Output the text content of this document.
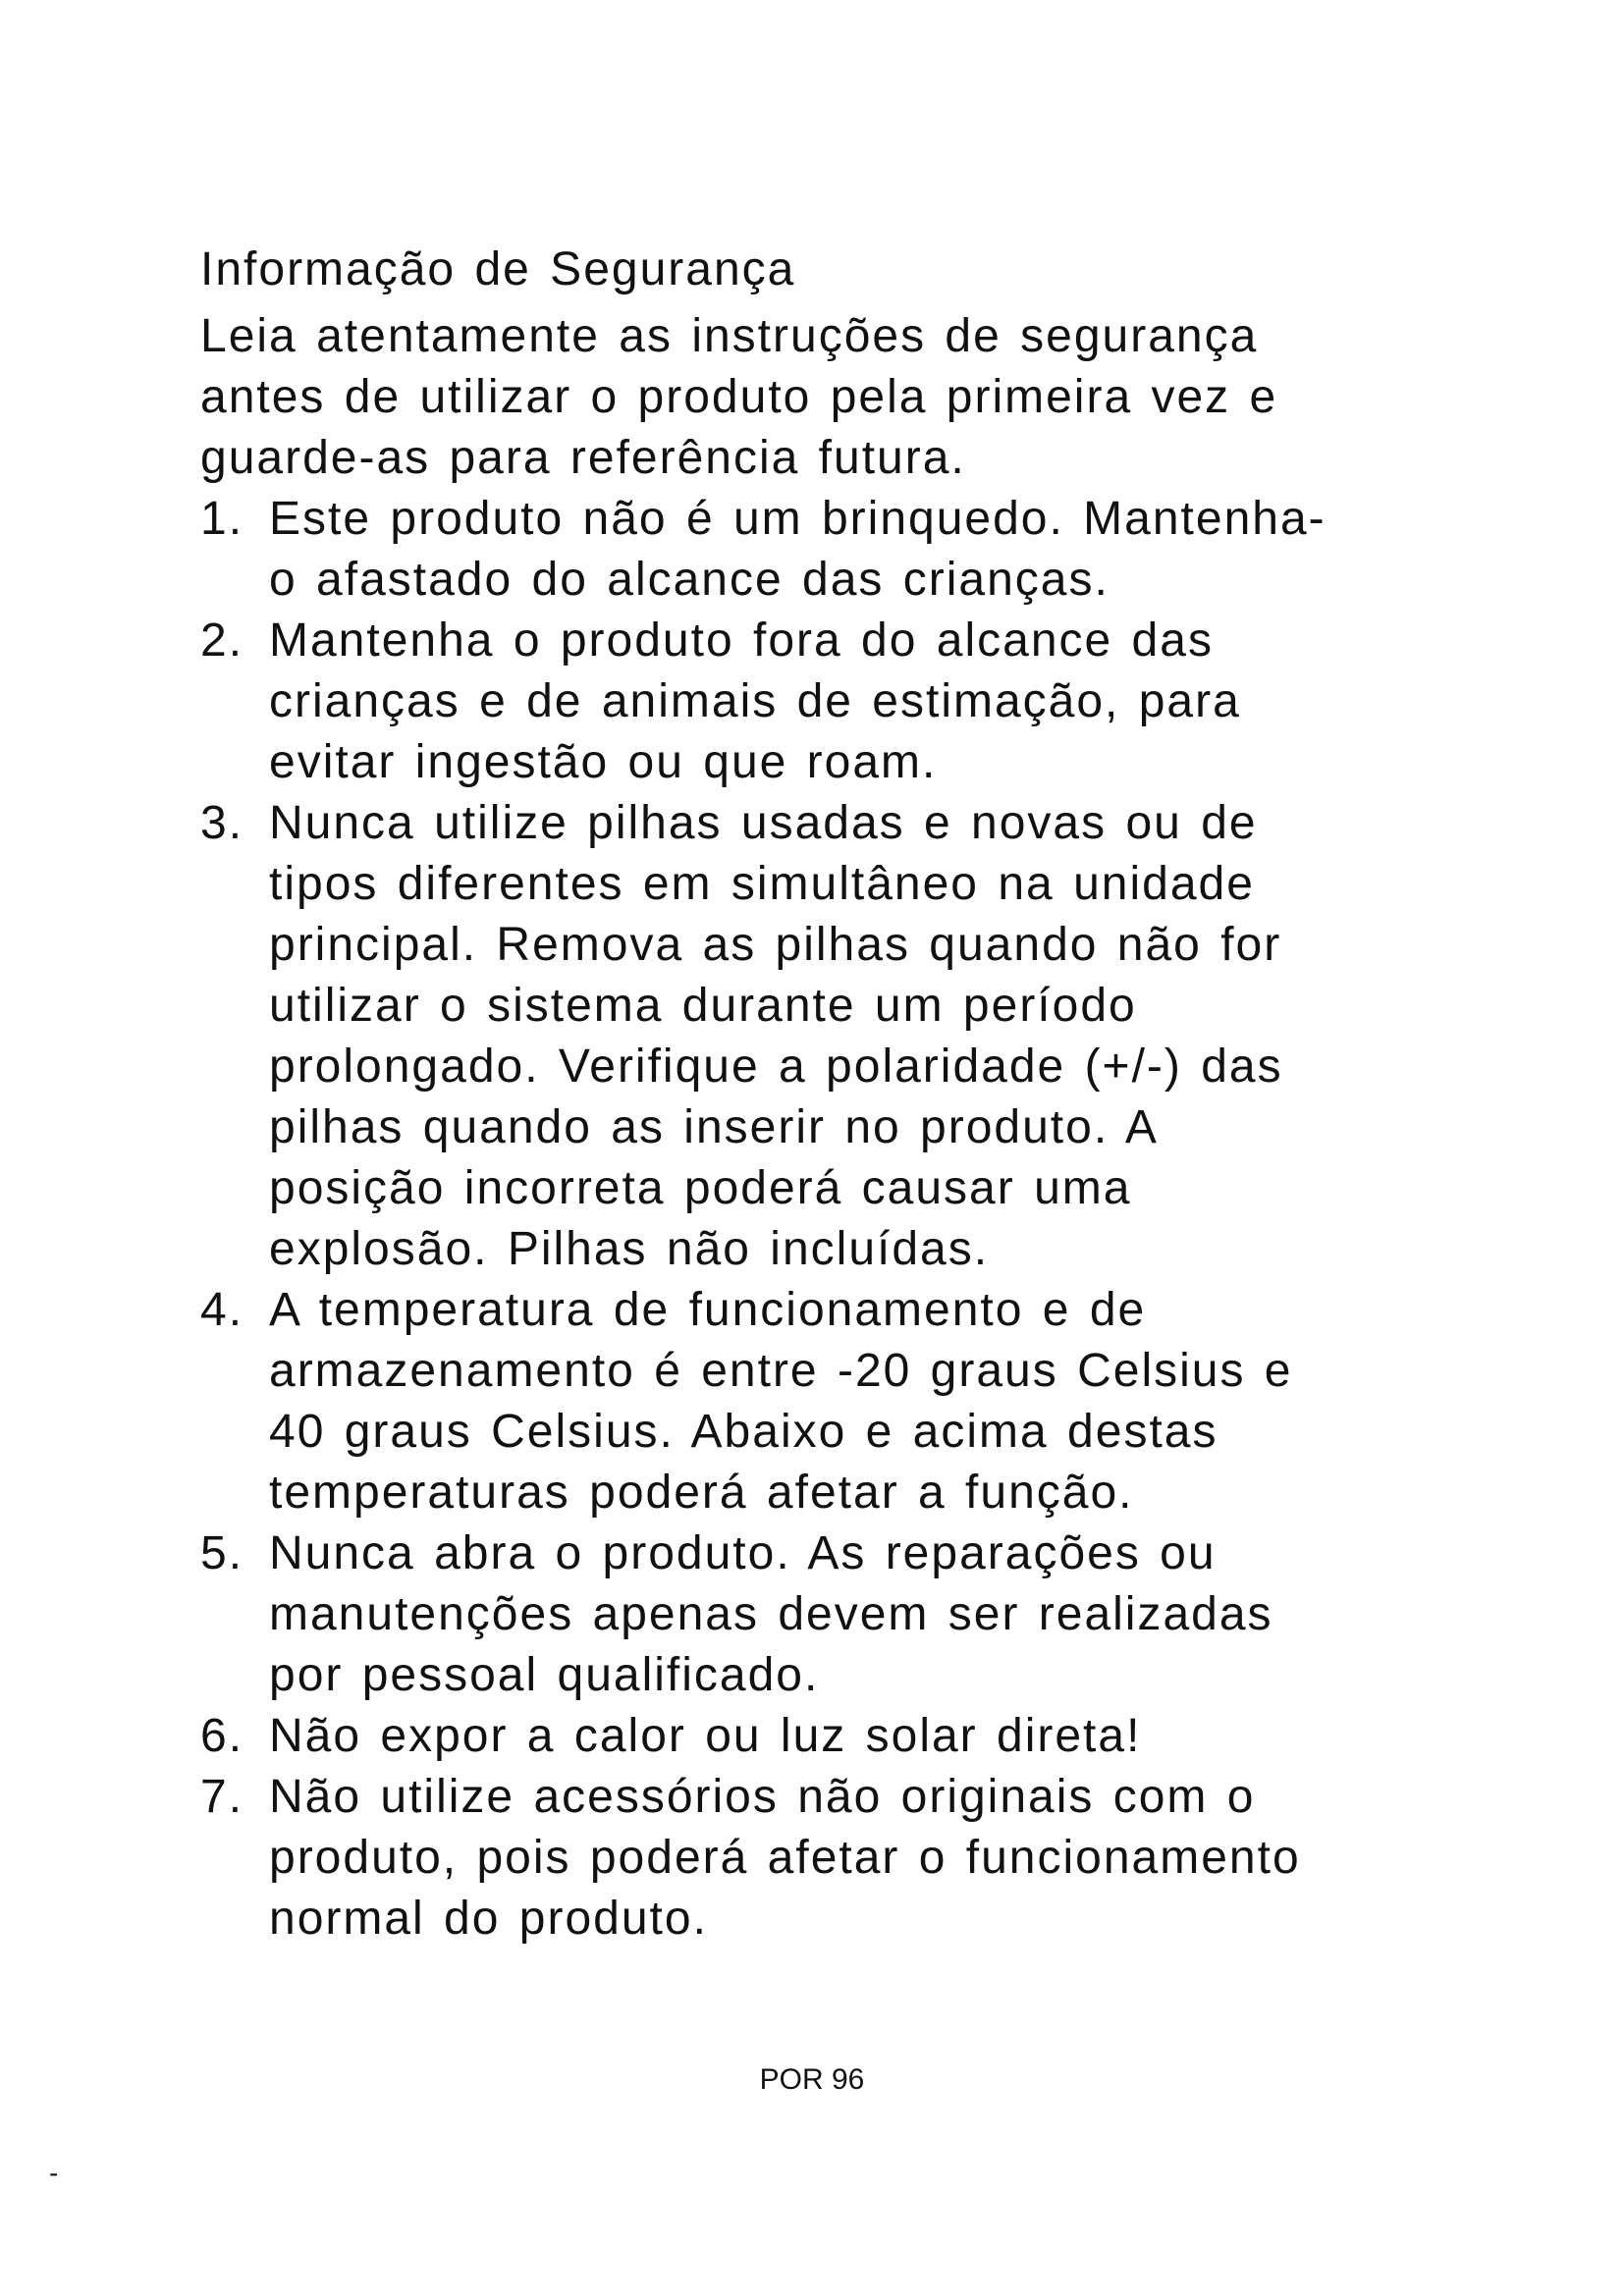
Informação de Segurança

Leia atentamente as instruções de segurança
antes de utilizar o produto pela primeira vez e
guarde-as para referência futura.

1. Este produto não é um brinquedo. Mantenha-
o afastado do alcance das crianças.
2. Mantenha o produto fora do alcance das
crianças e de animais de estimação, para
evitar ingestão ou que roam.
3. Nunca utilize pilhas usadas e novas ou de
tipos diferentes em simultâneo na unidade
principal. Remova as pilhas quando não for
utilizar o sistema durante um período
prolongado. Verifique a polaridade (+/-) das
pilhas quando as inserir no produto. A
posição incorreta poderá causar uma
explosão. Pilhas não incluídas.
4. A temperatura de funcionamento e de
armazenamento é entre -20 graus Celsius e
40 graus Celsius. Abaixo e acima destas
temperaturas poderá afetar a função.
5. Nunca abra o produto. As reparações ou
manutenções apenas devem ser realizadas
por pessoal qualificado.
6. Não expor a calor ou luz solar direta!
7. Não utilize acessórios não originais com o
produto, pois poderá afetar o funcionamento
normal do produto.
POR 96
-
